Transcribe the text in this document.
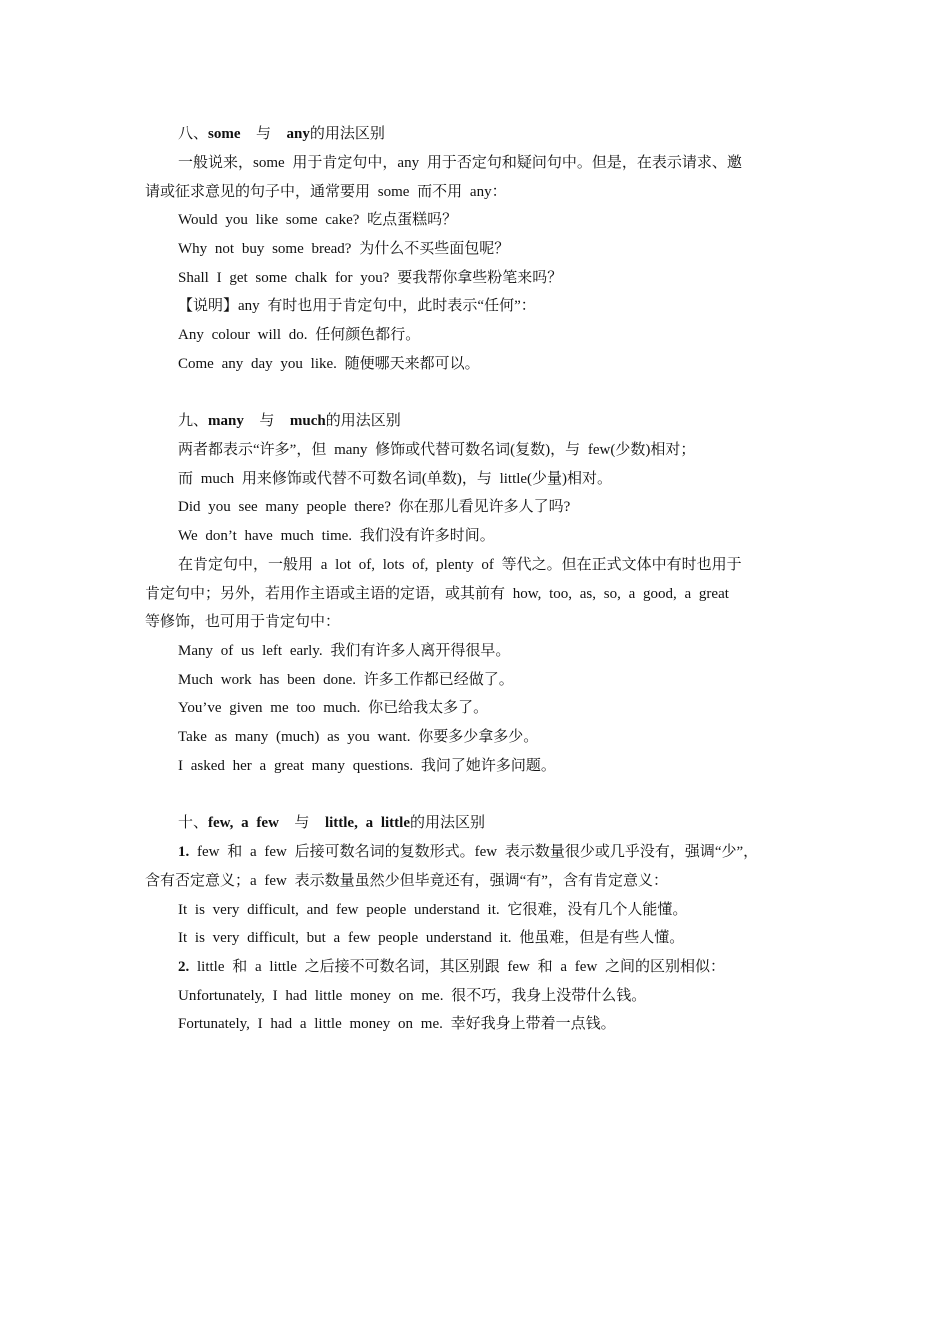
八、some 与 any的用法区别
一般说来，some 用于肯定句中，any 用于否定句和疑问句中。但是，在表示请求、邀
请或征求意见的句子中，通常要用 some 而不用 any：
Would you like some cake? 吃点蛋糕吗？
Why not buy some bread? 为什么不买些面包呢？
Shall I get some chalk for you? 要我帮你拿些粉笔来吗？
【说明】any 有时也用于肯定句中，此时表示“任何”：
Any colour will do. 任何颜色都行。
Come any day you like. 随便哪天来都可以。
九、many 与 much的用法区别
两者都表示“许多”，但 many 修饰或代替可数名词(复数)，与 few(少数)相对；
而 much 用来修饰或代替不可数名词(单数)，与 little(少量)相对。
Did you see many people there? 你在那儿看见许多人了吗?
We don’t have much time. 我们没有许多时间。
在肯定句中，一般用 a lot of, lots of, plenty of 等代之。但在正式文体中有时也用于
肯定句中；另外，若用作主语或主语的定语，或其前有 how, too, as, so, a good, a great
等修饰，也可用于肯定句中：
Many of us left early. 我们有许多人离开得很早。
Much work has been done. 许多工作都已经做了。
You’ve given me too much. 你已给我太多了。
Take as many (much) as you want. 你要多少拿多少。
I asked her a great many questions. 我问了她许多问题。
十、few, a few 与 little, a little的用法区别
1. few 和 a few 后接可数名词的复数形式。few 表示数量很少或几乎没有，强调“少”，
含有否定意义；a few 表示数量虽然少但毕竟还有，强调“有”，含有肯定意义：
It is very difficult, and few people understand it. 它很难，没有几个人能懂。
It is very difficult, but a few people understand it. 他虽难，但是有些人懂。
2. little 和 a little 之后接不可数名词，其区别跟 few 和 a few 之间的区别相似：
Unfortunately, I had little money on me. 很不巧，我身上没带什么钱。
Fortunately, I had a little money on me. 幸好我身上带着一点钱。
